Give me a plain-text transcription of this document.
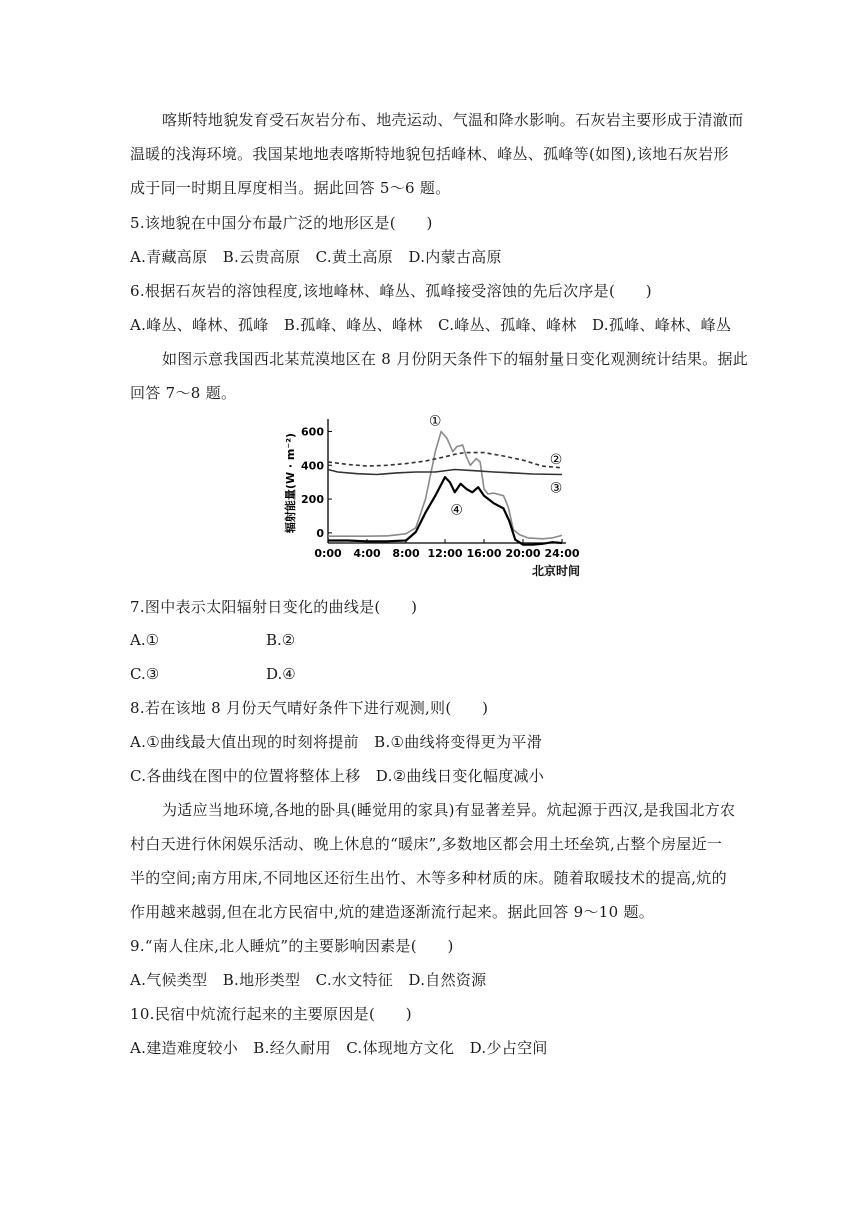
喀斯特地貌发育受石灰岩分布、地壳运动、气温和降水影响。石灰岩主要形成于清澈而
温暖的浅海环境。我国某地地表喀斯特地貌包括峰林、峰丛、孤峰等(如图),该地石灰岩形
成于同一时期且厚度相当。据此回答 5～6 题。
5.该地貌在中国分布最广泛的地形区是(　　)
A.青藏高原　B.云贵高原　C.黄土高原　D.内蒙古高原
6.根据石灰岩的溶蚀程度,该地峰林、峰丛、孤峰接受溶蚀的先后次序是(　　)
A.峰丛、峰林、孤峰　B.孤峰、峰丛、峰林　C.峰丛、孤峰、峰林　D.孤峰、峰林、峰丛
如图示意我国西北某荒漠地区在 8 月份阴天条件下的辐射量日变化观测统计结果。据此
回答 7～8 题。
0
200
400
600
0:00 4:00 8:00 12:00 16:00 20:00 24:00
辐射能量(W · m⁻²)
北京时间
①
②
③
④
7.图中表示太阳辐射日变化的曲线是(　　)
A.①	B.②
C.③	D.④
8.若在该地 8 月份天气晴好条件下进行观测,则(　　)
A.①曲线最大值出现的时刻将提前　B.①曲线将变得更为平滑
C.各曲线在图中的位置将整体上移　D.②曲线日变化幅度减小
为适应当地环境,各地的卧具(睡觉用的家具)有显著差异。炕起源于西汉,是我国北方农
村白天进行休闲娱乐活动、晚上休息的“暖床”,多数地区都会用土坯垒筑,占整个房屋近一
半的空间;南方用床,不同地区还衍生出竹、木等多种材质的床。随着取暖技术的提高,炕的
作用越来越弱,但在北方民宿中,炕的建造逐渐流行起来。据此回答 9～10 题。
9.“南人住床,北人睡炕”的主要影响因素是(　　)
A.气候类型　B.地形类型　C.水文特征　D.自然资源
10.民宿中炕流行起来的主要原因是(　　)
A.建造难度较小　B.经久耐用　C.体现地方文化　D.少占空间
